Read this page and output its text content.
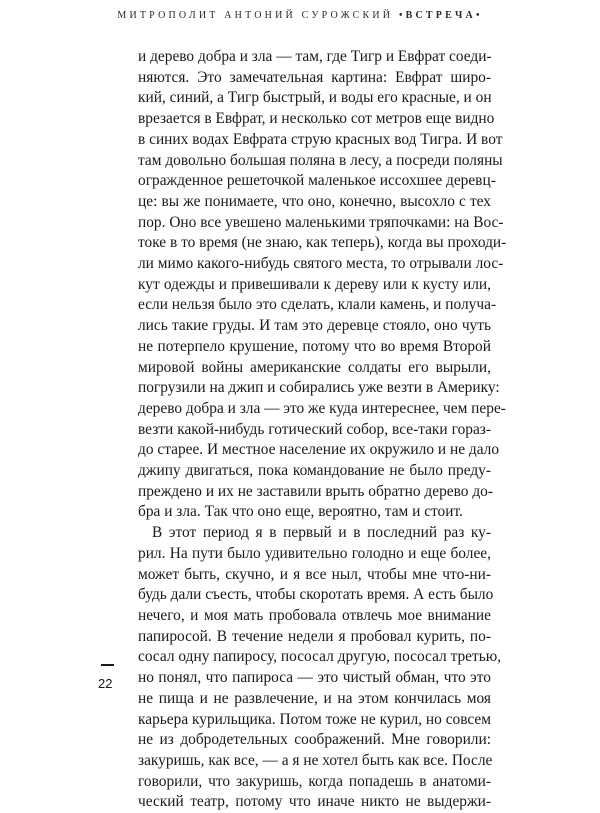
МИТРОПОЛИТ АНТОНИЙ СУРОЖСКИЙ •ВСТРЕЧА•
и дерево добра и зла — там, где Тигр и Евфрат соеди-
няются. Это замечательная картина: Евфрат широ-
кий, синий, а Тигр быстрый, и воды его красные, и он
врезается в Евфрат, и несколько сот метров еще видно
в синих водах Евфрата струю красных вод Тигра. И вот
там довольно большая поляна в лесу, а посреди поляны
огражденное решеточкой маленькое иссохшее деревц-
це: вы же понимаете, что оно, конечно, высохло с тех
пор. Оно все увешено маленькими тряпочками: на Вос-
токе в то время (не знаю, как теперь), когда вы проходи-
ли мимо какого-нибудь святого места, то отрывали лос-
кут одежды и привешивали к дереву или к кусту или,
если нельзя было это сделать, клали камень, и получа-
лись такие груды. И там это деревце стояло, оно чуть
не потерпело крушение, потому что во время Второй
мировой войны американские солдаты его вырыли,
погрузили на джип и собирались уже везти в Америку:
дерево добра и зла — это же куда интереснее, чем пере-
везти какой-нибудь готический собор, все-таки гораз-
до старее. И местное население их окружило и не дало
джипу двигаться, пока командование не было преду-
преждено и их не заставили врыть обратно дерево до-
бра и зла. Так что оно еще, вероятно, там и стоит.
В этот период я в первый и в последний раз ку-
рил. На пути было удивительно голодно и еще более,
может быть, скучно, и я все ныл, чтобы мне что-ни-
будь дали съесть, чтобы скоротать время. А есть было
нечего, и моя мать пробовала отвлечь мое внимание
папиросой. В течение недели я пробовал курить, по-
сосал одну папиросу, пососал другую, пососал третью,
но понял, что папироса — это чистый обман, что это
не пища и не развлечение, и на этом кончилась моя
карьера курильщика. Потом тоже не курил, но совсем
не из добродетельных соображений. Мне говорили:
закуришь, как все, — а я не хотел быть как все. После
говорили, что закуришь, когда попадешь в анатоми-
ческий театр, потому что иначе никто не выдержи-
22
